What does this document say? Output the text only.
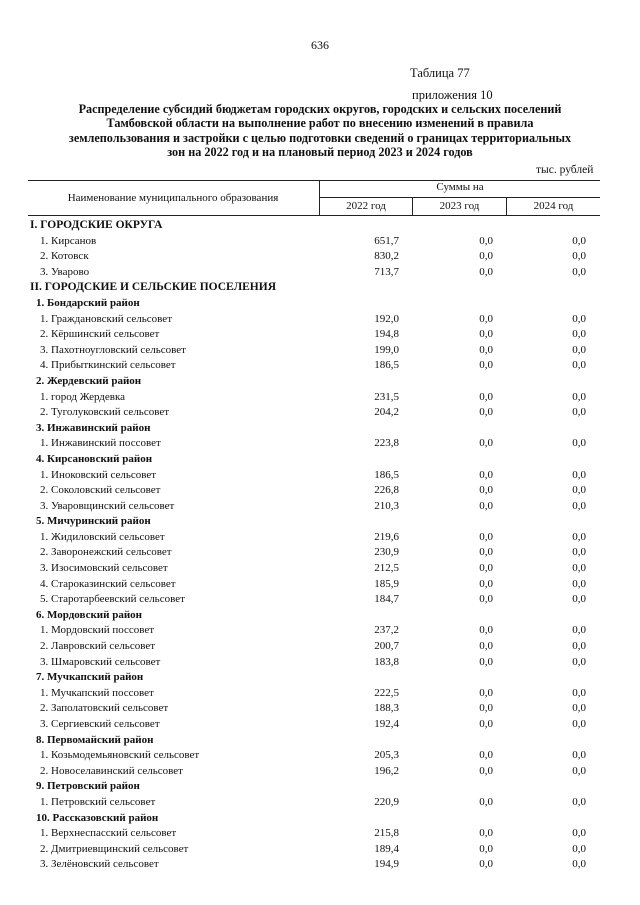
636
Таблица 77
приложения 10
Распределение субсидий бюджетам городских округов, городских и сельских поселений
Тамбовской области на выполнение работ по внесению изменений в правила
землепользования и застройки с целью подготовки сведений о границах территориальных
зон на 2022 год и на плановый период 2023 и 2024 годов
тыс. рублей
Наименование муниципального образования
Суммы на
2022 год	2023 год	2024 год
I. ГОРОДСКИЕ ОКРУГА
1. Кирсанов	651,7	0,0	0,0
2. Котовск	830,2	0,0	0,0
3. Уварово	713,7	0,0	0,0
II. ГОРОДСКИЕ И СЕЛЬСКИЕ ПОСЕЛЕНИЯ
1. Бондарский район
1. Граждановский сельсовет	192,0	0,0	0,0
2. Кёршинский сельсовет	194,8	0,0	0,0
3. Пахотноугловский сельсовет	199,0	0,0	0,0
4. Прибыткинский сельсовет	186,5	0,0	0,0
2. Жердевский район
1. город Жердевка	231,5	0,0	0,0
2. Туголуковский сельсовет	204,2	0,0	0,0
3. Инжавинский район
1. Инжавинский поссовет	223,8	0,0	0,0
4. Кирсановский район
1. Иноковский сельсовет	186,5	0,0	0,0
2. Соколовский сельсовет	226,8	0,0	0,0
3. Уваровщинский сельсовет	210,3	0,0	0,0
5. Мичуринский район
1. Жидиловский сельсовет	219,6	0,0	0,0
2. Заворонежский сельсовет	230,9	0,0	0,0
3. Изосимовский сельсовет	212,5	0,0	0,0
4. Староказинский сельсовет	185,9	0,0	0,0
5. Старотарбеевский сельсовет	184,7	0,0	0,0
6. Мордовский район
1. Мордовский поссовет	237,2	0,0	0,0
2. Лавровский сельсовет	200,7	0,0	0,0
3. Шмаровский сельсовет	183,8	0,0	0,0
7. Мучкапский район
1. Мучкапский поссовет	222,5	0,0	0,0
2. Заполатовский сельсовет	188,3	0,0	0,0
3. Сергиевский сельсовет	192,4	0,0	0,0
8. Первомайский район
1. Козьмодемьяновский сельсовет	205,3	0,0	0,0
2. Новоселавинский сельсовет	196,2	0,0	0,0
9. Петровский район
1. Петровский сельсовет	220,9	0,0	0,0
10. Рассказовский район
1. Верхнеспасский сельсовет	215,8	0,0	0,0
2. Дмитриевщинский сельсовет	189,4	0,0	0,0
3. Зелёновский сельсовет	194,9	0,0	0,0
